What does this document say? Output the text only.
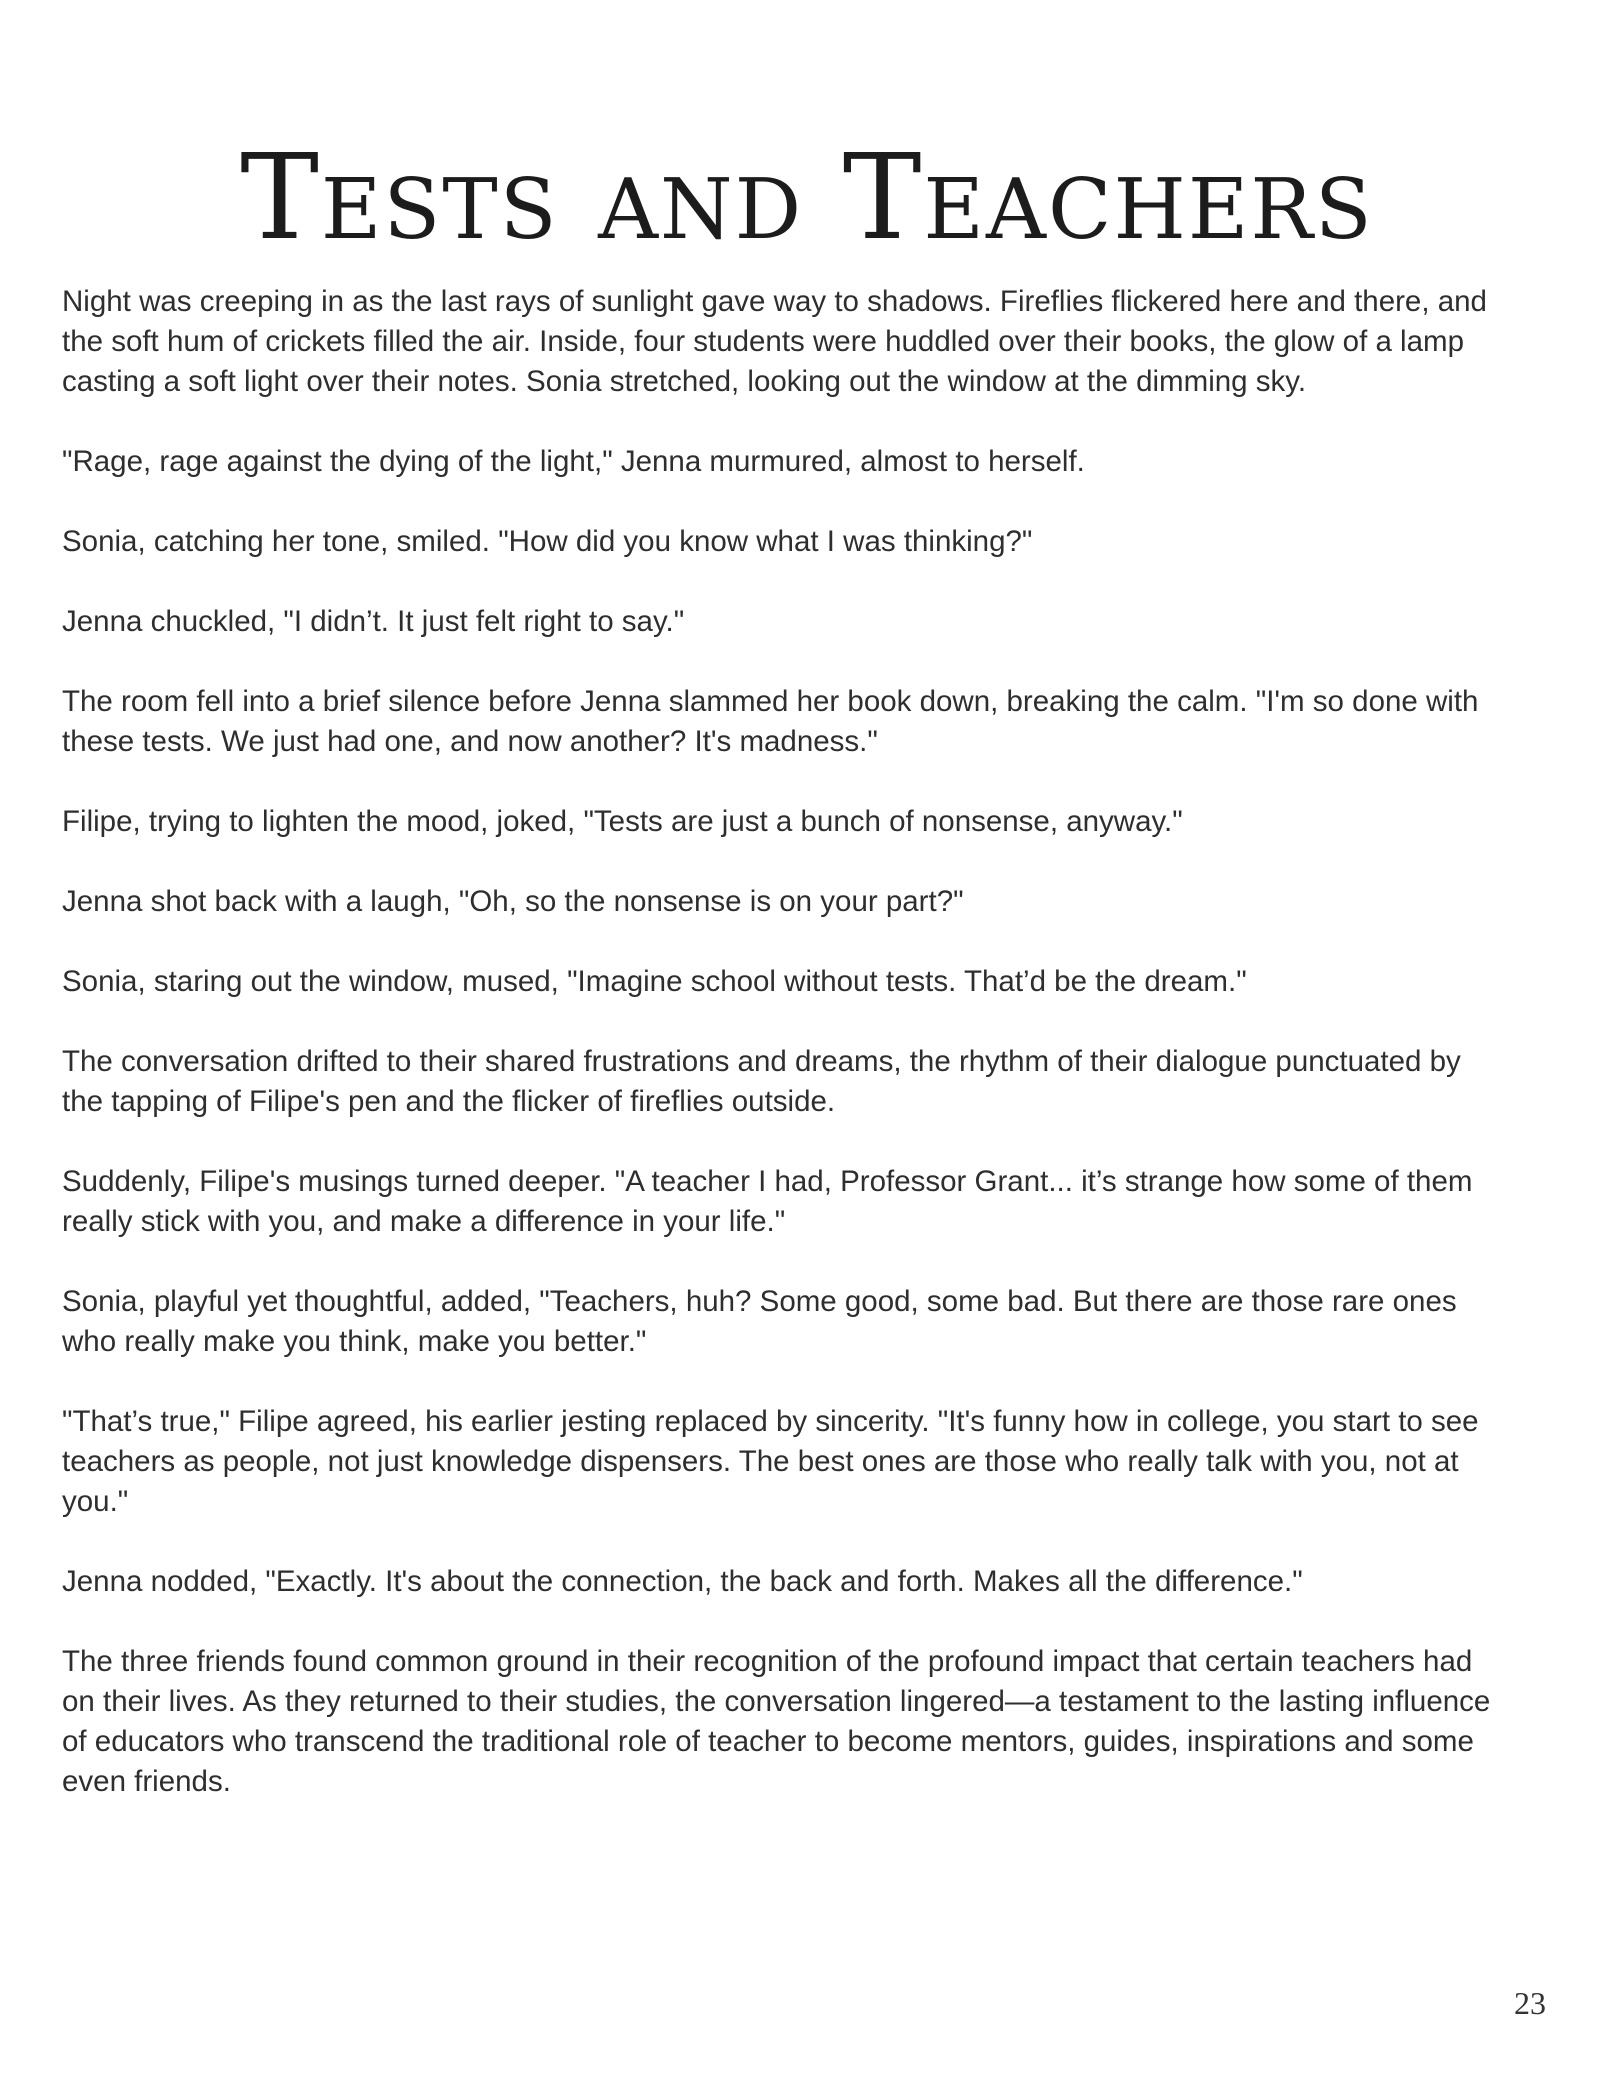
Tests and Teachers

Night was creeping in as the last rays of sunlight gave way to shadows. Fireflies flickered here and there, and the soft hum of crickets filled the air. Inside, four students were huddled over their books, the glow of a lamp casting a soft light over their notes. Sonia stretched, looking out the window at the dimming sky.

"Rage, rage against the dying of the light," Jenna murmured, almost to herself.

Sonia, catching her tone, smiled. "How did you know what I was thinking?"

Jenna chuckled, "I didn’t. It just felt right to say."

The room fell into a brief silence before Jenna slammed her book down, breaking the calm. "I'm so done with these tests. We just had one, and now another? It's madness."

Filipe, trying to lighten the mood, joked, "Tests are just a bunch of nonsense, anyway."

Jenna shot back with a laugh, "Oh, so the nonsense is on your part?"

Sonia, staring out the window, mused, "Imagine school without tests. That’d be the dream."

The conversation drifted to their shared frustrations and dreams, the rhythm of their dialogue punctuated by the tapping of Filipe's pen and the flicker of fireflies outside.

Suddenly, Filipe's musings turned deeper. "A teacher I had, Professor Grant... it’s strange how some of them really stick with you, and make a difference in your life."

Sonia, playful yet thoughtful, added, "Teachers, huh? Some good, some bad. But there are those rare ones who really make you think, make you better."

"That’s true," Filipe agreed, his earlier jesting replaced by sincerity. "It's funny how in college, you start to see teachers as people, not just knowledge dispensers. The best ones are those who really talk with you, not at you."

Jenna nodded, "Exactly. It's about the connection, the back and forth. Makes all the difference."

The three friends found common ground in their recognition of the profound impact that certain teachers had on their lives. As they returned to their studies, the conversation lingered—a testament to the lasting influence of educators who transcend the traditional role of teacher to become mentors, guides, inspirations and some even friends.

23
